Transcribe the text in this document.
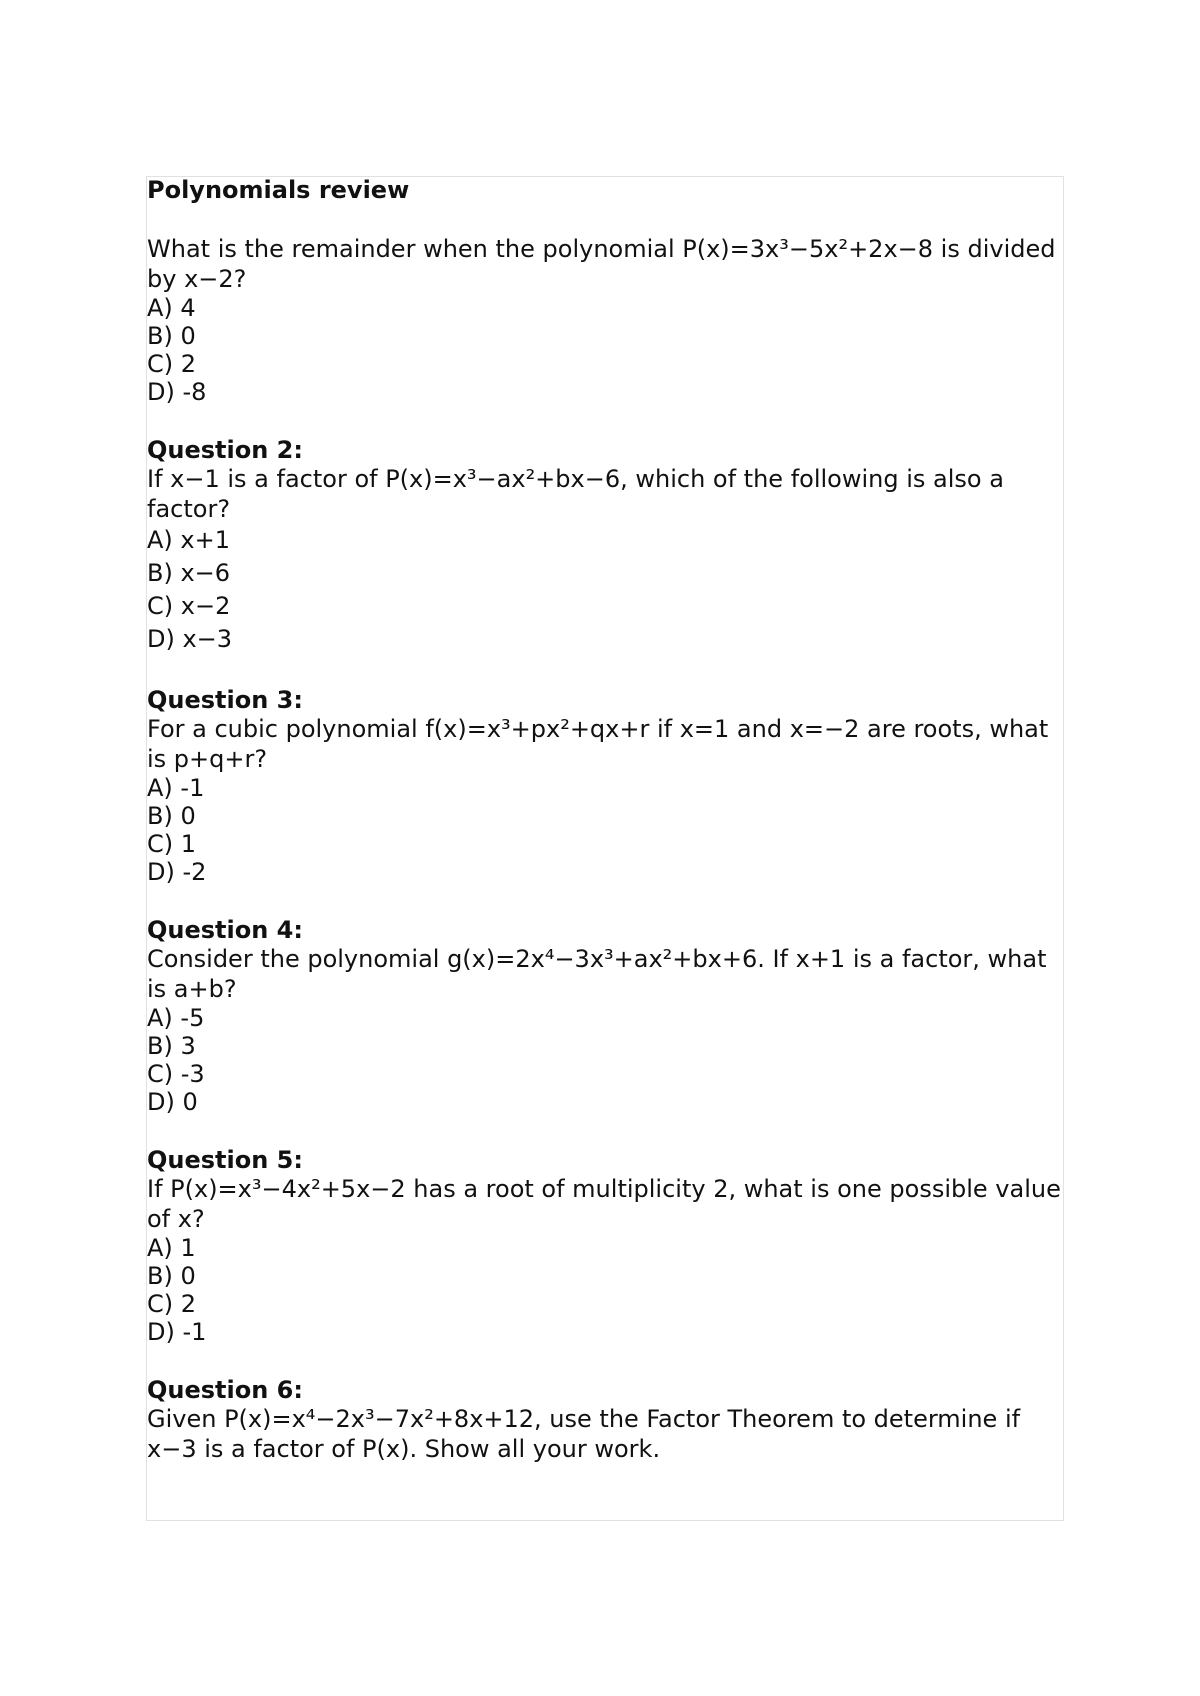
Polynomials review

What is the remainder when the polynomial P(x)=3x³−5x²+2x−8 is divided by x−2?

A) 4
B) 0
C) 2
D) -8
Question 2:

If x−1 is a factor of P(x)=x³−ax²+bx−6, which of the following is also a factor?

A) x+1
B) x−6
C) x−2
D) x−3
Question 3:

For a cubic polynomial f(x)=x³+px²+qx+r if x=1 and x=−2 are roots, what is p+q+r?

A) -1
B) 0
C) 1
D) -2
Question 4:

Consider the polynomial g(x)=2x⁴−3x³+ax²+bx+6. If x+1 is a factor, what is a+b?

A) -5
B) 3
C) -3
D) 0
Question 5:

If P(x)=x³−4x²+5x−2 has a root of multiplicity 2, what is one possible value of x?

A) 1
B) 0
C) 2
D) -1
Question 6:

Given P(x)=x⁴−2x³−7x²+8x+12, use the Factor Theorem to determine if x−3 is a factor of P(x). Show all your work.
